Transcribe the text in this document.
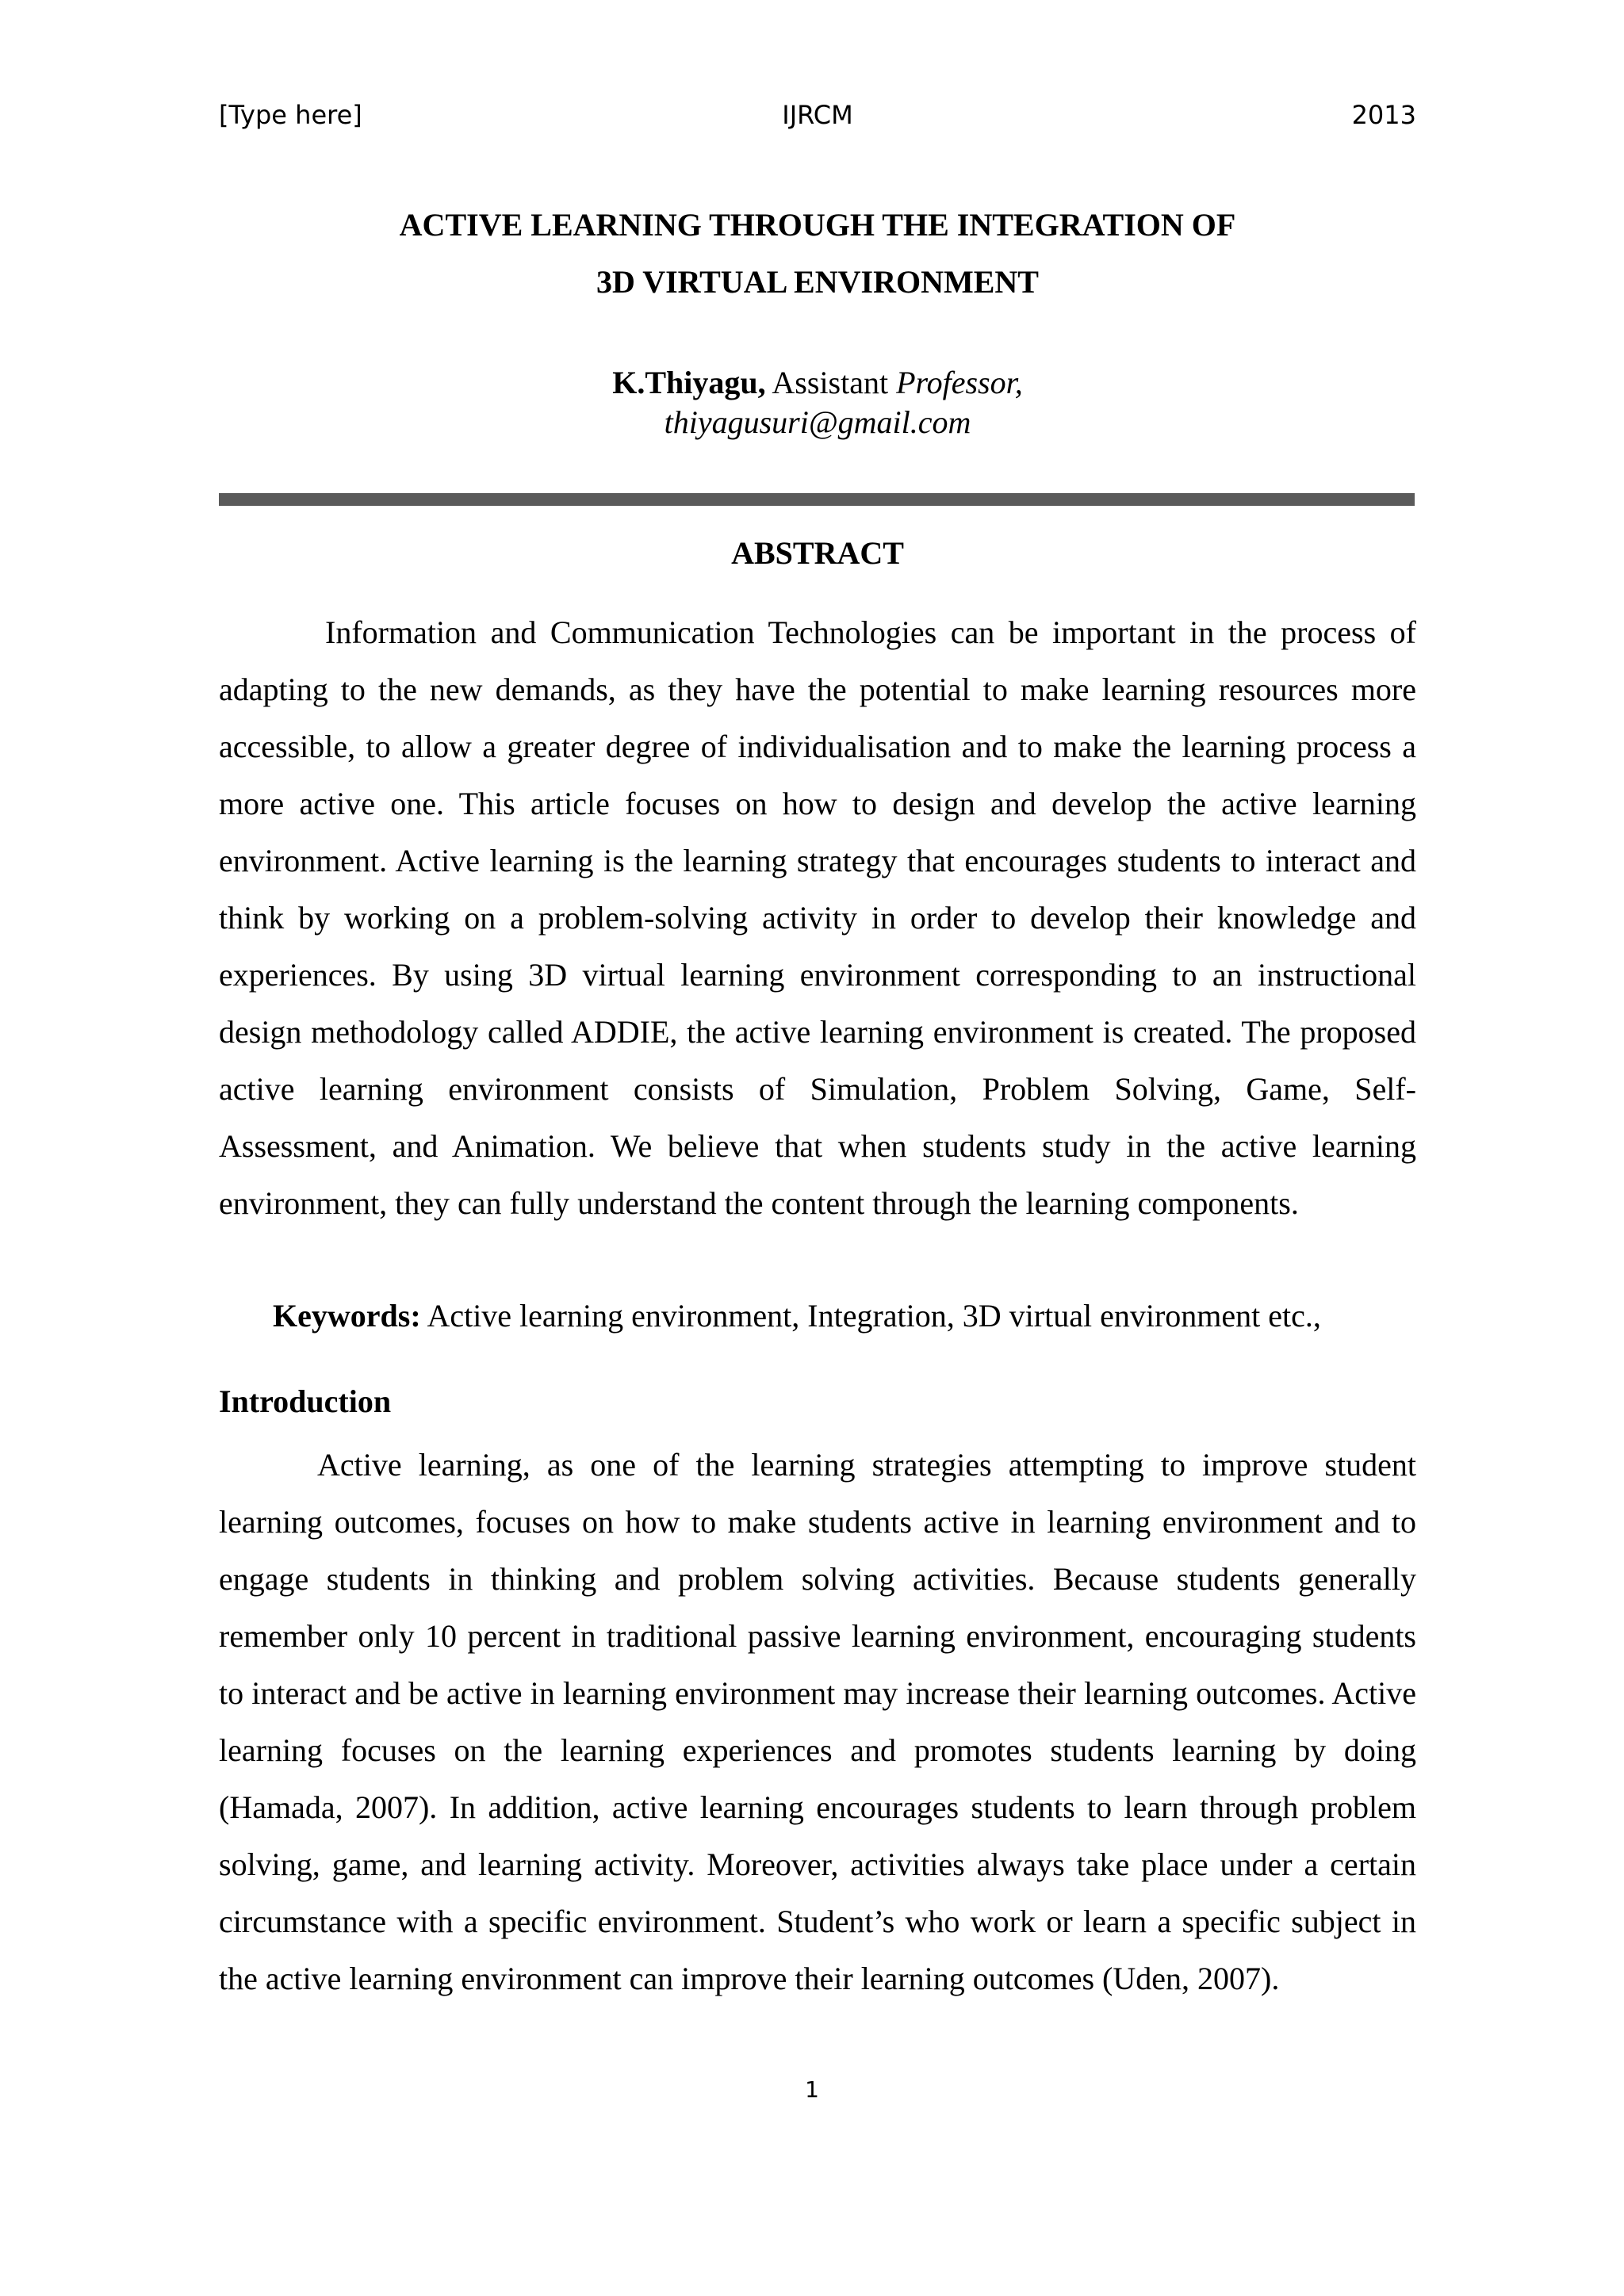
[Type here]	IJRCM	2013
ACTIVE LEARNING THROUGH THE INTEGRATION OF
3D VIRTUAL ENVIRONMENT
K.Thiyagu, Assistant Professor,
thiyagusuri@gmail.com
ABSTRACT

Information and Communication Technologies can be important in the process of adapting to the new demands, as they have the potential to make learning resources more accessible, to allow a greater degree of individualisation and to make the learning process a more active one. This article focuses on how to design and develop the active learning environment. Active learning is the learning strategy that encourages students to interact and think by working on a problem-solving activity in order to develop their knowledge and experiences. By using 3D virtual learning environment corresponding to an instructional design methodology called ADDIE, the active learning environment is created. The proposed active learning environment consists of Simulation, Problem Solving, Game, Self-Assessment, and Animation. We believe that when students study in the active learning environment, they can fully understand the content through the learning components.

Keywords: Active learning environment, Integration, 3D virtual environment etc.,
Introduction

Active learning, as one of the learning strategies attempting to improve student learning outcomes, focuses on how to make students active in learning environment and to engage students in thinking and problem solving activities. Because students generally remember only 10 percent in traditional passive learning environment, encouraging students to interact and be active in learning environment may increase their learning outcomes. Active learning focuses on the learning experiences and promotes students learning by doing (Hamada, 2007). In addition, active learning encourages students to learn through problem solving, game, and learning activity. Moreover, activities always take place under a certain circumstance with a specific environment. Student’s who work or learn a specific subject in the active learning environment can improve their learning outcomes (Uden, 2007).

1
